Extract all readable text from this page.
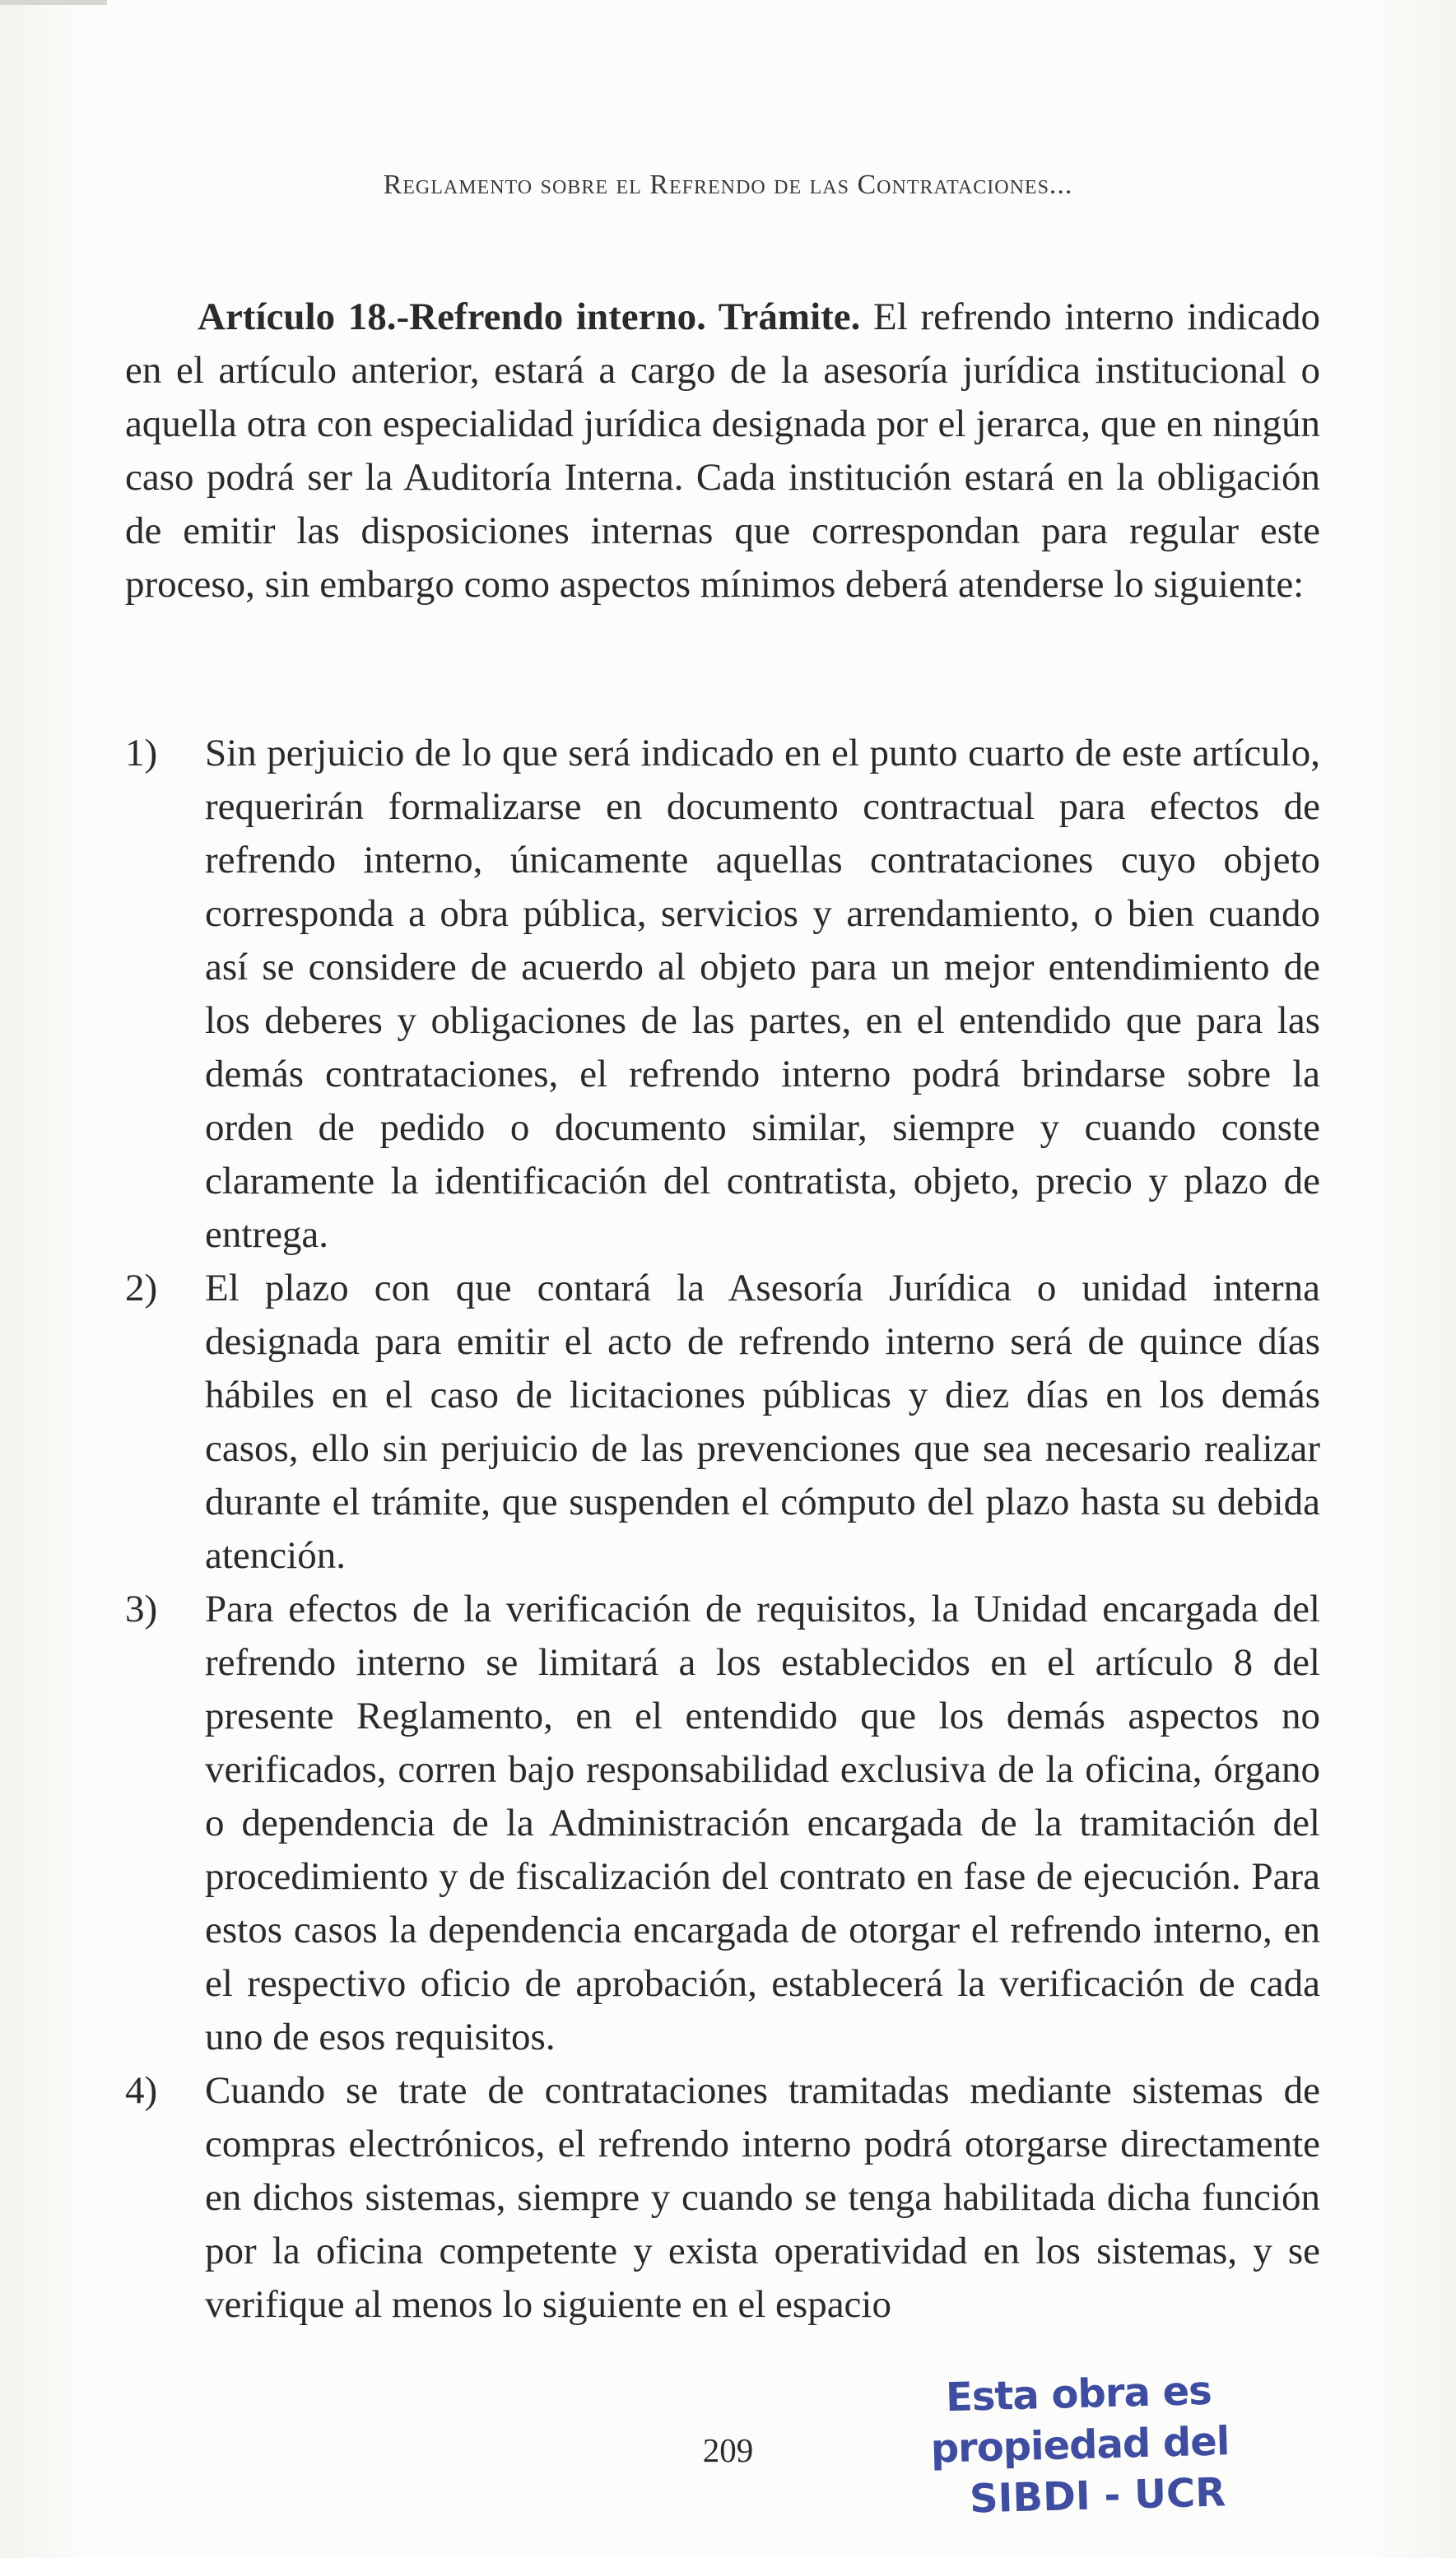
Reglamento sobre el Refrendo de las Contrataciones...

Artículo 18.-Refrendo interno. Trámite. El refrendo interno indicado en el artículo anterior, estará a cargo de la asesoría jurídica institucional o aquella otra con especialidad jurídica designada por el jerarca, que en ningún caso podrá ser la Auditoría Interna. Cada institución estará en la obligación de emitir las disposiciones internas que correspondan para regular este proceso, sin embargo como aspectos mínimos deberá atenderse lo siguiente:

1) Sin perjuicio de lo que será indicado en el punto cuarto de este artículo, requerirán formalizarse en documento contractual para efectos de refrendo interno, únicamente aquellas contrataciones cuyo objeto corresponda a obra pública, servicios y arrendamiento, o bien cuando así se considere de acuerdo al objeto para un mejor entendimiento de los deberes y obligaciones de las partes, en el entendido que para las demás contrataciones, el refrendo interno podrá brindarse sobre la orden de pedido o documento similar, siempre y cuando conste claramente la identificación del contratista, objeto, precio y plazo de entrega.
2) El plazo con que contará la Asesoría Jurídica o unidad interna designada para emitir el acto de refrendo interno será de quince días hábiles en el caso de licitaciones públicas y diez días en los demás casos, ello sin perjuicio de las prevenciones que sea necesario realizar durante el trámite, que suspenden el cómputo del plazo hasta su debida atención.
3) Para efectos de la verificación de requisitos, la Unidad encargada del refrendo interno se limitará a los establecidos en el artículo 8 del presente Reglamento, en el entendido que los demás aspectos no verificados, corren bajo responsabilidad exclusiva de la oficina, órgano o dependencia de la Administración encargada de la tramitación del procedimiento y de fiscalización del contrato en fase de ejecución. Para estos casos la dependencia encargada de otorgar el refrendo interno, en el respectivo oficio de aprobación, establecerá la verificación de cada uno de esos requisitos.
4) Cuando se trate de contrataciones tramitadas mediante sistemas de compras electrónicos, el refrendo interno podrá otorgarse directamente en dichos sistemas, siempre y cuando se tenga habilitada dicha función por la oficina competente y exista operatividad en los sistemas, y se verifique al menos lo siguiente en el espacio
209
Esta obra es propiedad del
SIBDI - UCR
